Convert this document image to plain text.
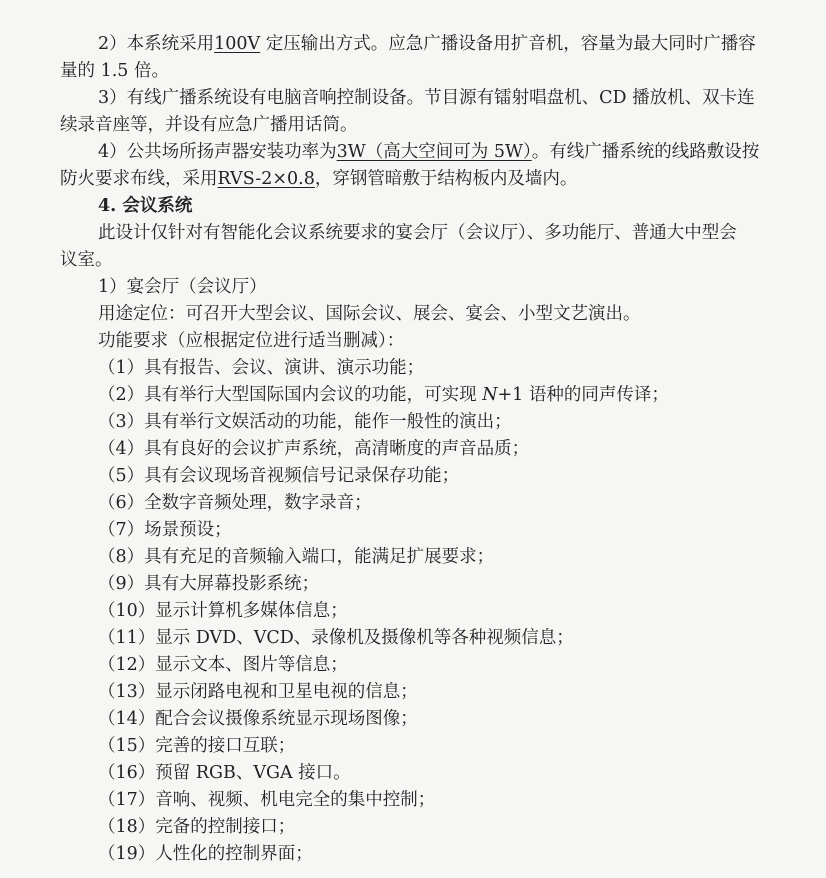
2）本系统采用100V 定压输出方式。应急广播设备用扩音机，容量为最大同时广播容
量的 1.5 倍。
3）有线广播系统设有电脑音响控制设备。节目源有镭射唱盘机、CD 播放机、双卡连
续录音座等，并设有应急广播用话筒。
4）公共场所扬声器安装功率为3W（高大空间可为 5W）。有线广播系统的线路敷设按
防火要求布线，采用RVS-2×0.8，穿钢管暗敷于结构板内及墙内。
4. 会议系统
此设计仅针对有智能化会议系统要求的宴会厅（会议厅）、多功能厅、普通大中型会
议室。
1）宴会厅（会议厅）
用途定位：可召开大型会议、国际会议、展会、宴会、小型文艺演出。
功能要求（应根据定位进行适当删减）：
（1）具有报告、会议、演讲、演示功能；
（2）具有举行大型国际国内会议的功能，可实现 N+1 语种的同声传译；
（3）具有举行文娱活动的功能，能作一般性的演出；
（4）具有良好的会议扩声系统，高清晰度的声音品质；
（5）具有会议现场音视频信号记录保存功能；
（6）全数字音频处理，数字录音；
（7）场景预设；
（8）具有充足的音频输入端口，能满足扩展要求；
（9）具有大屏幕投影系统；
（10）显示计算机多媒体信息；
（11）显示 DVD、VCD、录像机及摄像机等各种视频信息；
（12）显示文本、图片等信息；
（13）显示闭路电视和卫星电视的信息；
（14）配合会议摄像系统显示现场图像；
（15）完善的接口互联；
（16）预留 RGB、VGA 接口。
（17）音响、视频、机电完全的集中控制；
（18）完备的控制接口；
（19）人性化的控制界面；
